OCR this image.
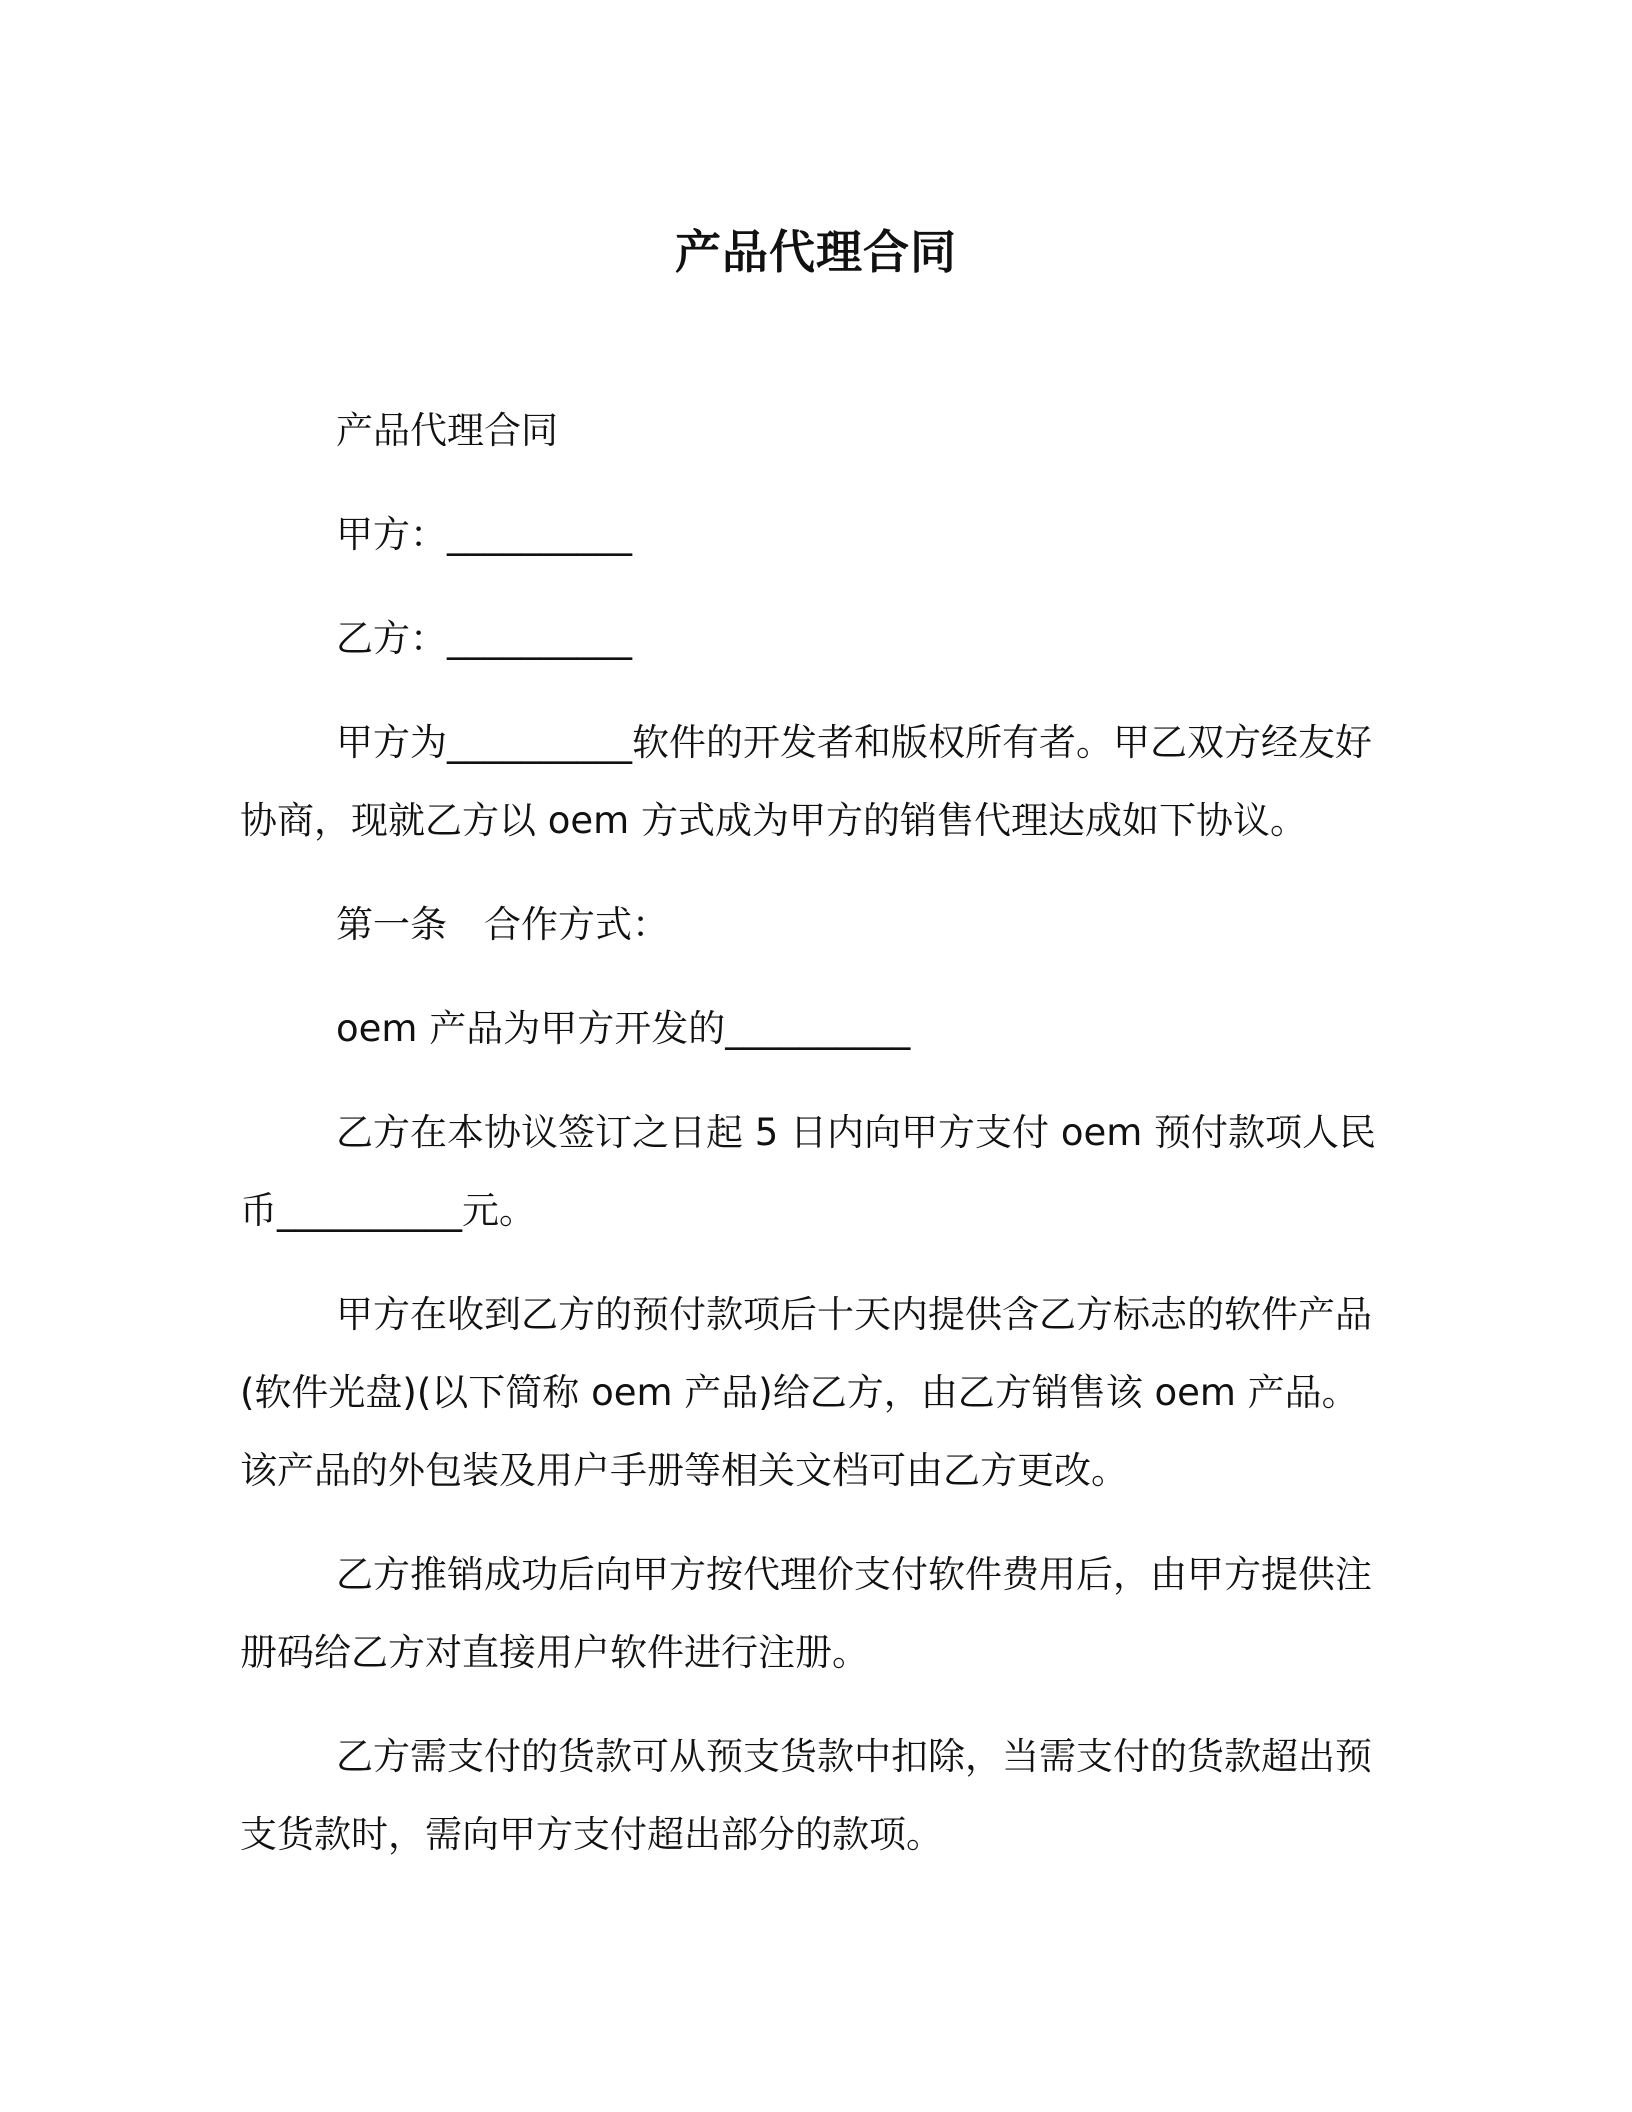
产品代理合同

产品代理合同

甲方：__________

乙方：__________

甲方为__________软件的开发者和版权所有者。甲乙双方经友好协商，现就乙方以 oem 方式成为甲方的销售代理达成如下协议。

第一条　合作方式：

oem 产品为甲方开发的__________

乙方在本协议签订之日起 5 日内向甲方支付 oem 预付款项人民币__________元。

甲方在收到乙方的预付款项后十天内提供含乙方标志的软件产品(软件光盘)(以下简称 oem 产品)给乙方，由乙方销售该 oem 产品。该产品的外包装及用户手册等相关文档可由乙方更改。

乙方推销成功后向甲方按代理价支付软件费用后，由甲方提供注册码给乙方对直接用户软件进行注册。

乙方需支付的货款可从预支货款中扣除，当需支付的货款超出预支货款时，需向甲方支付超出部分的款项。
